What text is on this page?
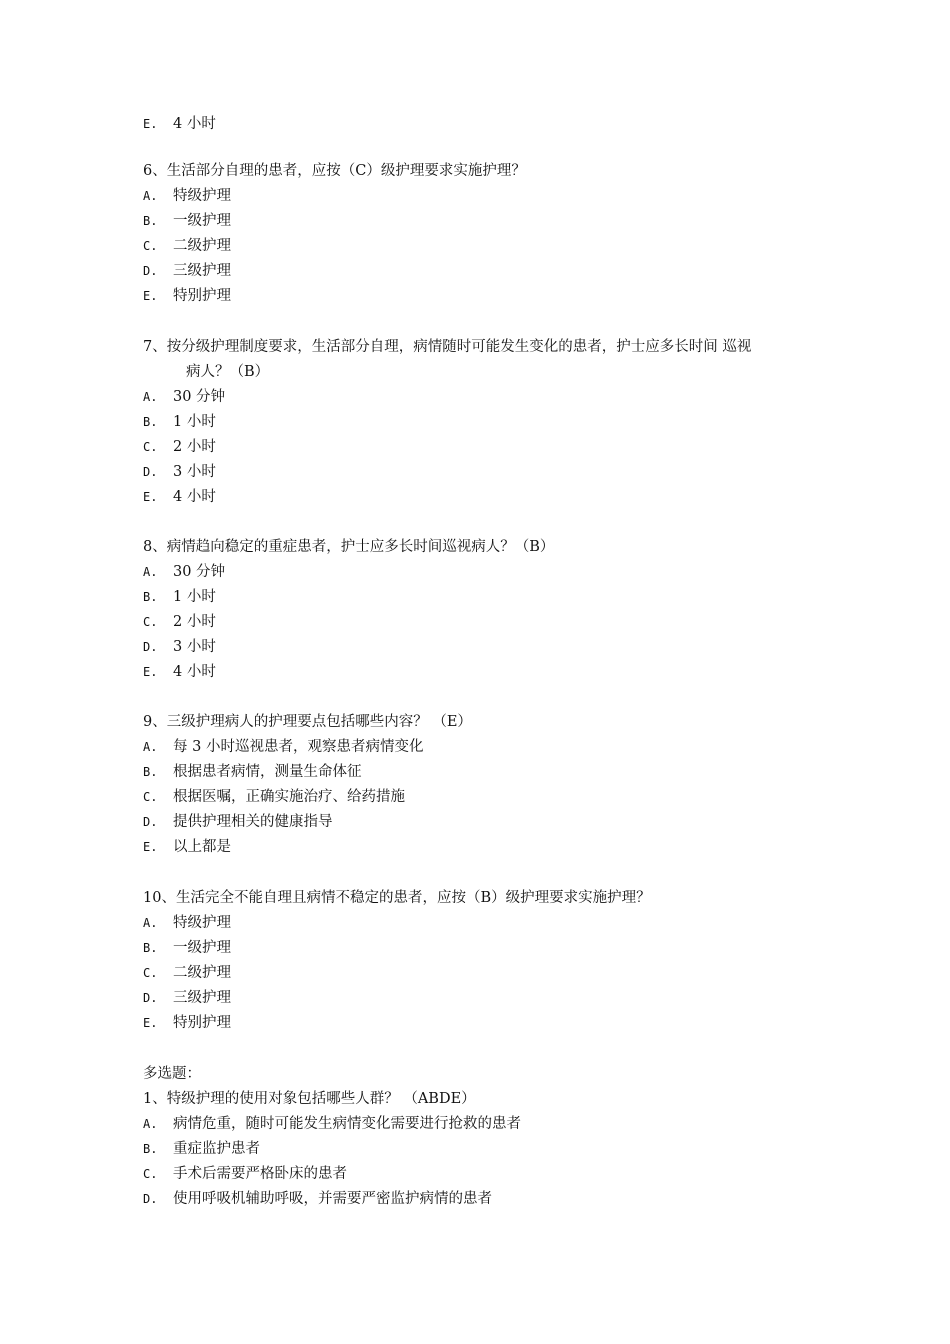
E. 4 小时
6、生活部分自理的患者，应按（C）级护理要求实施护理？
A. 特级护理
B. 一级护理
C. 二级护理
D. 三级护理
E. 特别护理
7、按分级护理制度要求，生活部分自理，病情随时可能发生变化的患者，护士应多长时间 巡视
病人？（B）
A. 30 分钟
B. 1 小时
C. 2 小时
D. 3 小时
E. 4 小时
8、病情趋向稳定的重症患者，护士应多长时间巡视病人？（B）
A. 30 分钟
B. 1 小时
C. 2 小时
D. 3 小时
E. 4 小时
9、三级护理病人的护理要点包括哪些内容？ （E）
A. 每 3 小时巡视患者，观察患者病情变化
B. 根据患者病情，测量生命体征
C. 根据医嘱，正确实施治疗、给药措施
D. 提供护理相关的健康指导
E. 以上都是
10、生活完全不能自理且病情不稳定的患者，应按（B）级护理要求实施护理？
A. 特级护理
B. 一级护理
C. 二级护理
D. 三级护理
E. 特别护理
多选题：
1、特级护理的使用对象包括哪些人群？ （ABDE）
A. 病情危重，随时可能发生病情变化需要进行抢救的患者
B. 重症监护患者
C. 手术后需要严格卧床的患者
D. 使用呼吸机辅助呼吸，并需要严密监护病情的患者
